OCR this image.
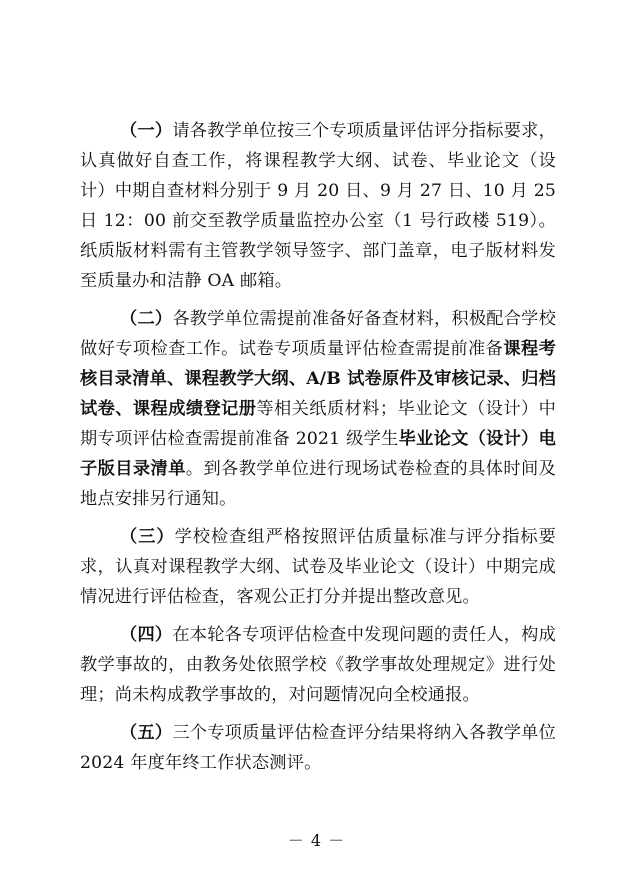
（一）请各教学单位按三个专项质量评估评分指标要求，认真做好自查工作，将课程教学大纲、试卷、毕业论文（设计）中期自查材料分别于 9 月 20 日、9 月 27 日、10 月 25 日 12：00 前交至教学质量监控办公室（1 号行政楼 519）。纸质版材料需有主管教学领导签字、部门盖章，电子版材料发至质量办和洁静 OA 邮箱。

（二）各教学单位需提前准备好备查材料，积极配合学校做好专项检查工作。试卷专项质量评估检查需提前准备课程考核目录清单、课程教学大纲、A/B 试卷原件及审核记录、归档试卷、课程成绩登记册等相关纸质材料；毕业论文（设计）中期专项评估检查需提前准备 2021 级学生毕业论文（设计）电子版目录清单。到各教学单位进行现场试卷检查的具体时间及地点安排另行通知。

（三）学校检查组严格按照评估质量标准与评分指标要求，认真对课程教学大纲、试卷及毕业论文（设计）中期完成情况进行评估检查，客观公正打分并提出整改意见。

（四）在本轮各专项评估检查中发现问题的责任人，构成教学事故的，由教务处依照学校《教学事故处理规定》进行处理；尚未构成教学事故的，对问题情况向全校通报。

（五）三个专项质量评估检查评分结果将纳入各教学单位 2024 年度年终工作状态测评。

－ 4 －
